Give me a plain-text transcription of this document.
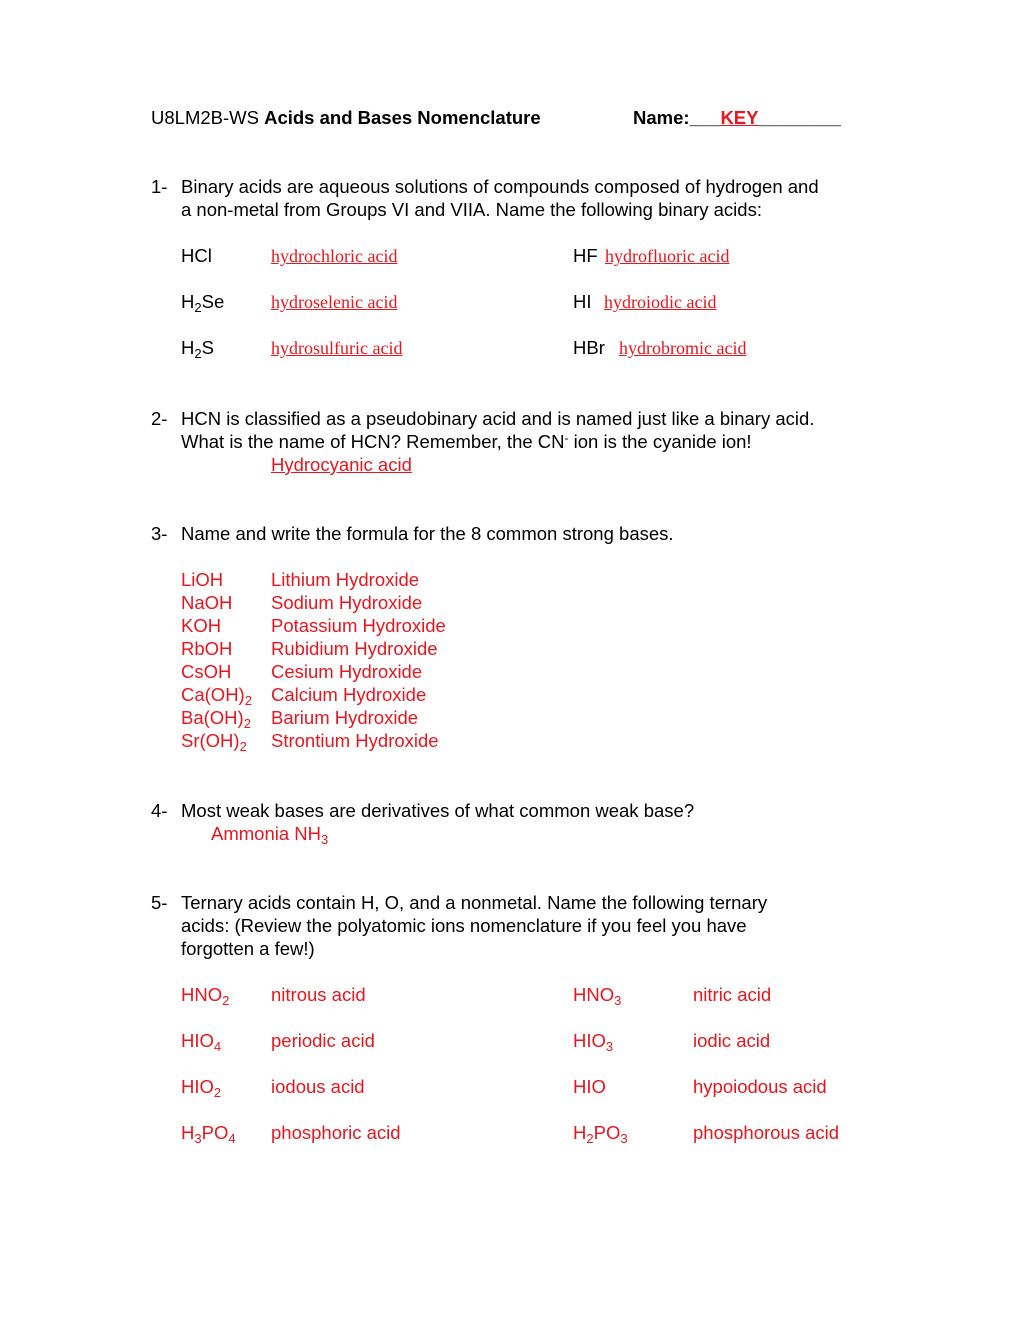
U8LM2B-WS Acids and Bases Nomenclature	Name:___KEY________
1- Binary acids are aqueous solutions of compounds composed of hydrogen and
a non-metal from Groups VI and VIIA. Name the following binary acids:
HCl	hydrochloric acid	HF hydrofluoric acid
$H_2Se$	hydroselenic acid	HI hydroiodic acid
$H_2S$	hydrosulfuric acid	HBr hydrobromic acid
2- HCN is classified as a pseudobinary acid and is named just like a binary acid.
What is the name of HCN? Remember, the CN- ion is the cyanide ion!
Hydrocyanic acid
3- Name and write the formula for the 8 common strong bases.
LiOH	Lithium Hydroxide
NaOH Sodium Hydroxide
KOH	Potassium Hydroxide
RbOH Rubidium Hydroxide
CsOH Cesium Hydroxide
$Ca(OH)_2$ Calcium Hydroxide
$Ba(OH)_2$ Barium Hydroxide
$Sr(OH)_2$ Strontium Hydroxide
4- Most weak bases are derivatives of what common weak base?
Ammonia $NH_3$
5- Ternary acids contain H, O, and a nonmetal. Name the following ternary
acids: (Review the polyatomic ions nomenclature if you feel you have
forgotten a few!)
$HNO_2$ nitrous acid	$HNO_3$	nitric acid
$HIO_4$	periodic acid	$HIO_3$	iodic acid
$HIO_2$	iodous acid	HIO	hypoiodous acid
$H_3PO_4$ phosphoric acid	$H_2PO_3$	phosphorous acid
